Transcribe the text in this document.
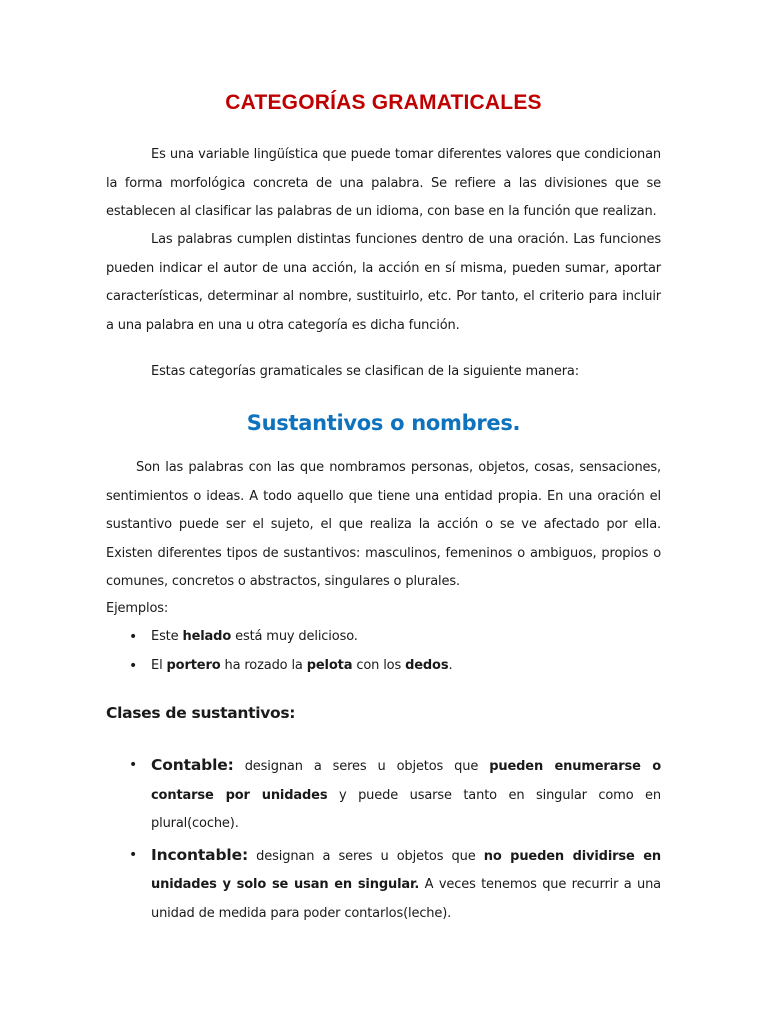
CATEGORÍAS GRAMATICALES

Es una variable lingüística que puede tomar diferentes valores que condicionan la forma morfológica concreta de una palabra. Se refiere a las divisiones que se establecen al clasificar las palabras de un idioma, con base en la función que realizan.

Las palabras cumplen distintas funciones dentro de una oración. Las funciones pueden indicar el autor de una acción, la acción en sí misma, pueden sumar, aportar características, determinar al nombre, sustituirlo, etc. Por tanto, el criterio para incluir a una palabra en una u otra categoría es dicha función.

Estas categorías gramaticales se clasifican de la siguiente manera:

Sustantivos o nombres.

Son las palabras con las que nombramos personas, objetos, cosas, sensaciones, sentimientos o ideas. A todo aquello que tiene una entidad propia. En una oración el sustantivo puede ser el sujeto, el que realiza la acción o se ve afectado por ella. Existen diferentes tipos de sustantivos: masculinos, femeninos o ambiguos, propios o comunes, concretos o abstractos, singulares o plurales.

Ejemplos:

• Este helado está muy delicioso.
• El portero ha rozado la pelota con los dedos.
Clases de sustantivos:
• Contable: designan a seres u objetos que pueden enumerarse o contarse por unidades y puede usarse tanto en singular como en plural(coche).
• Incontable: designan a seres u objetos que no pueden dividirse en unidades y solo se usan en singular. A veces tenemos que recurrir a una unidad de medida para poder contarlos(leche).
